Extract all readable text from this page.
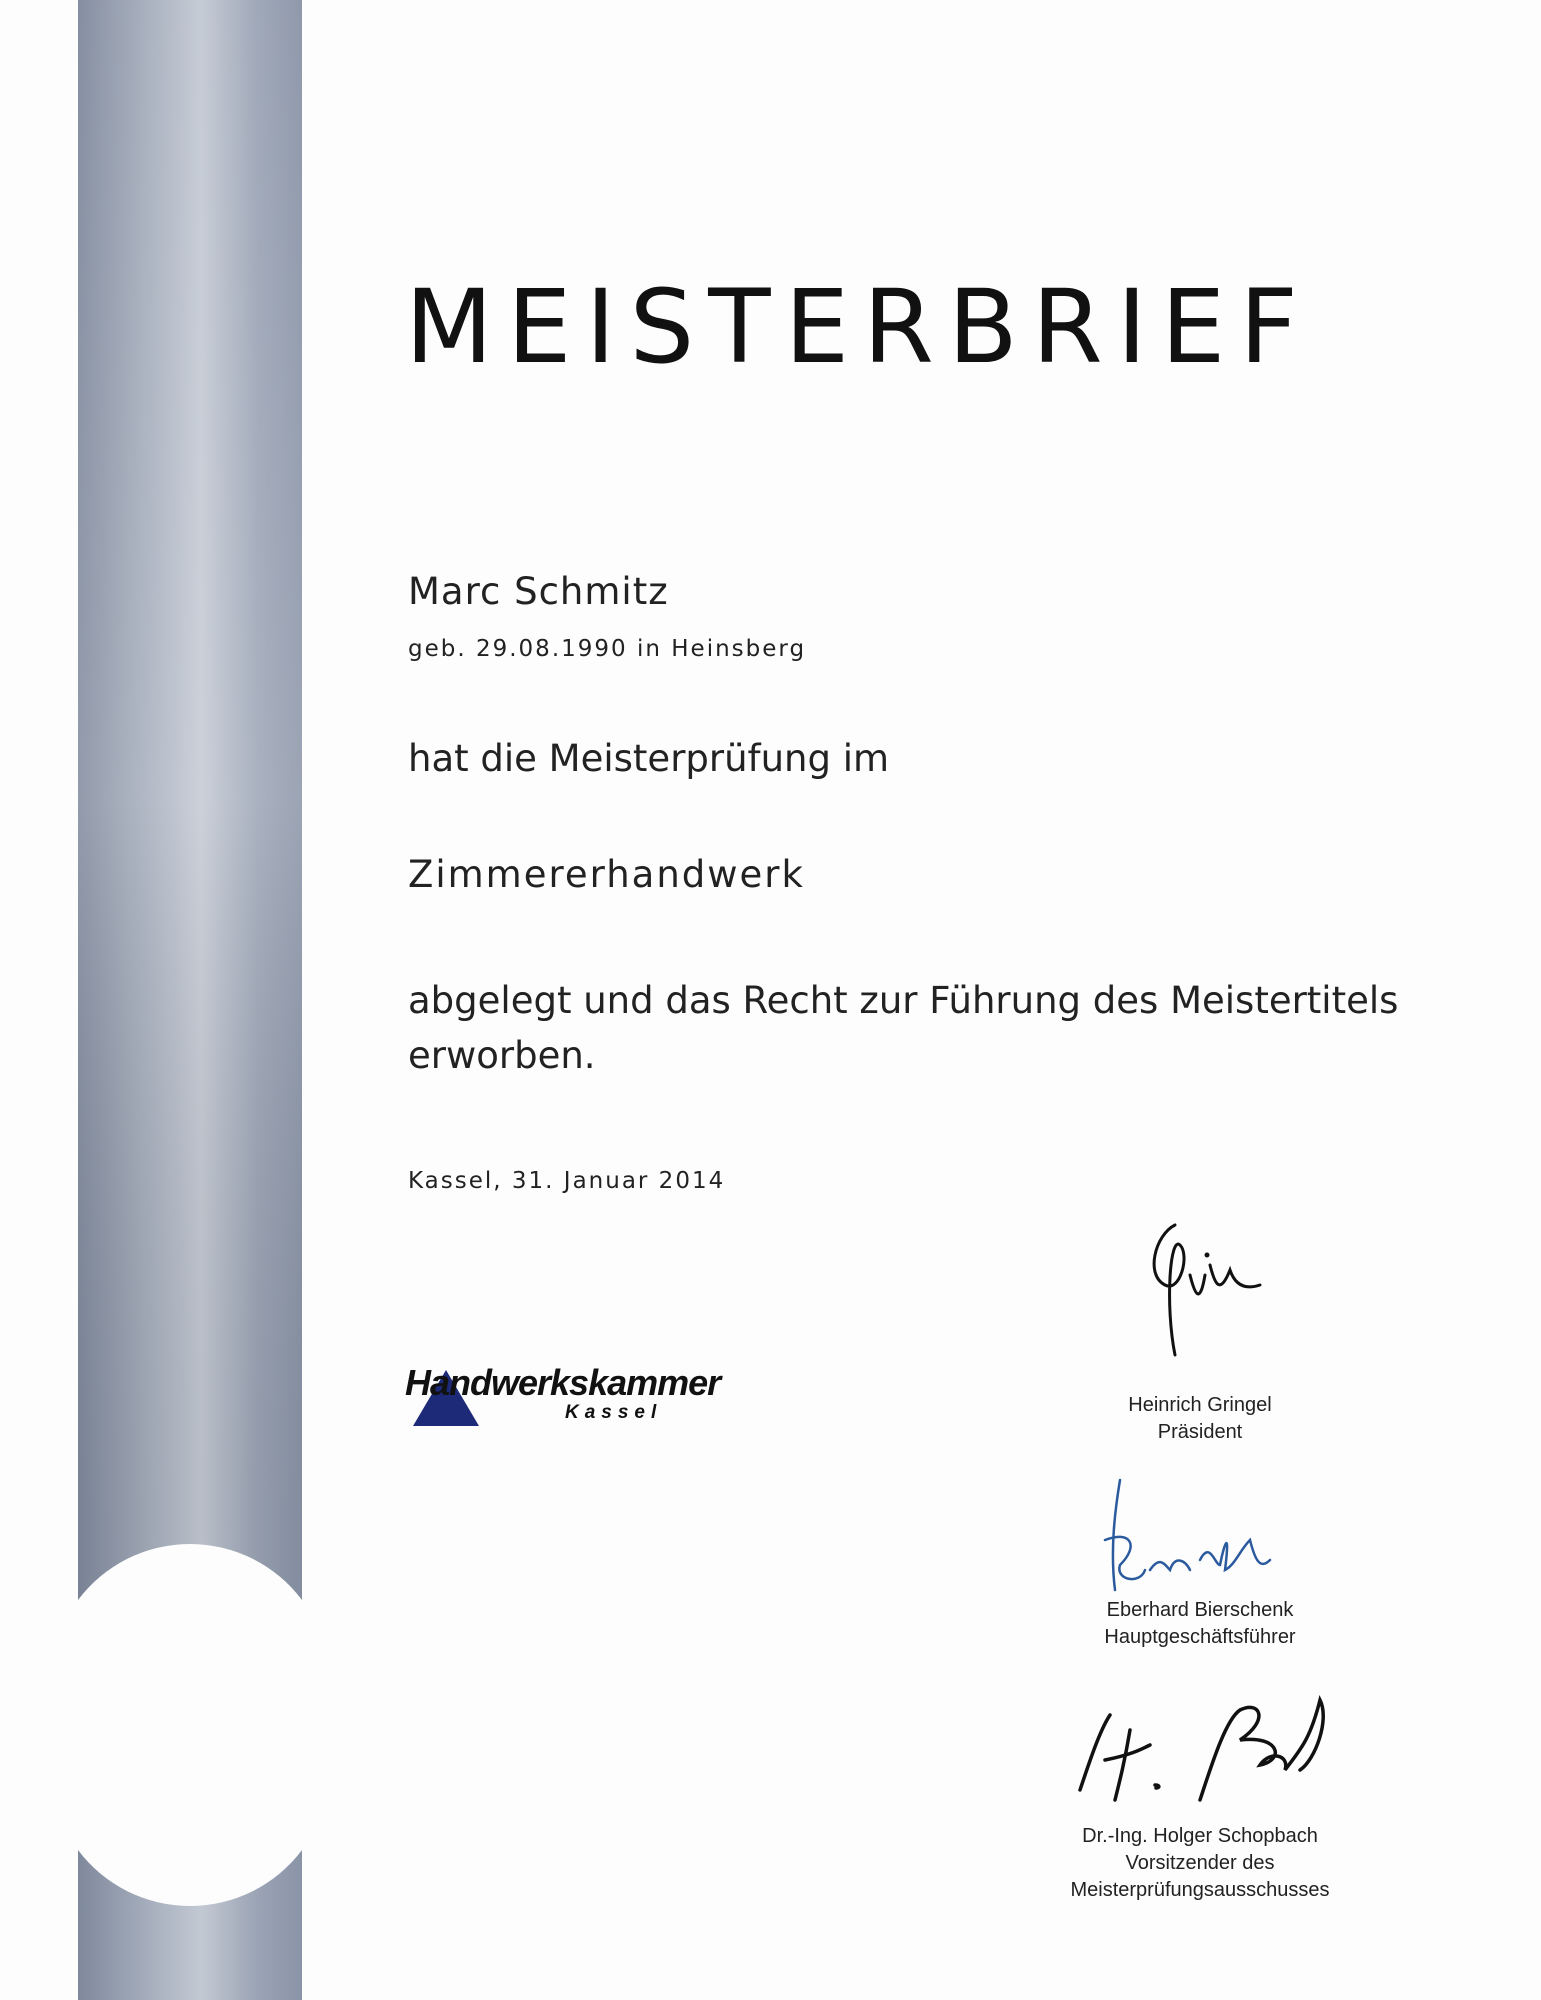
MEISTERBRIEF
Marc Schmitz
geb. 29.08.1990 in Heinsberg
hat die Meisterprüfung im
Zimmererhandwerk
abgelegt und das Recht zur Führung des Meistertitels erworben.
Kassel, 31. Januar 2014
Handwerkskammer
Kassel	Heinrich Gringel
Präsident
Eberhard Bierschenk
Hauptgeschäftsführer
Dr.-Ing. Holger Schopbach
Vorsitzender des Meisterprüfungsausschusses
